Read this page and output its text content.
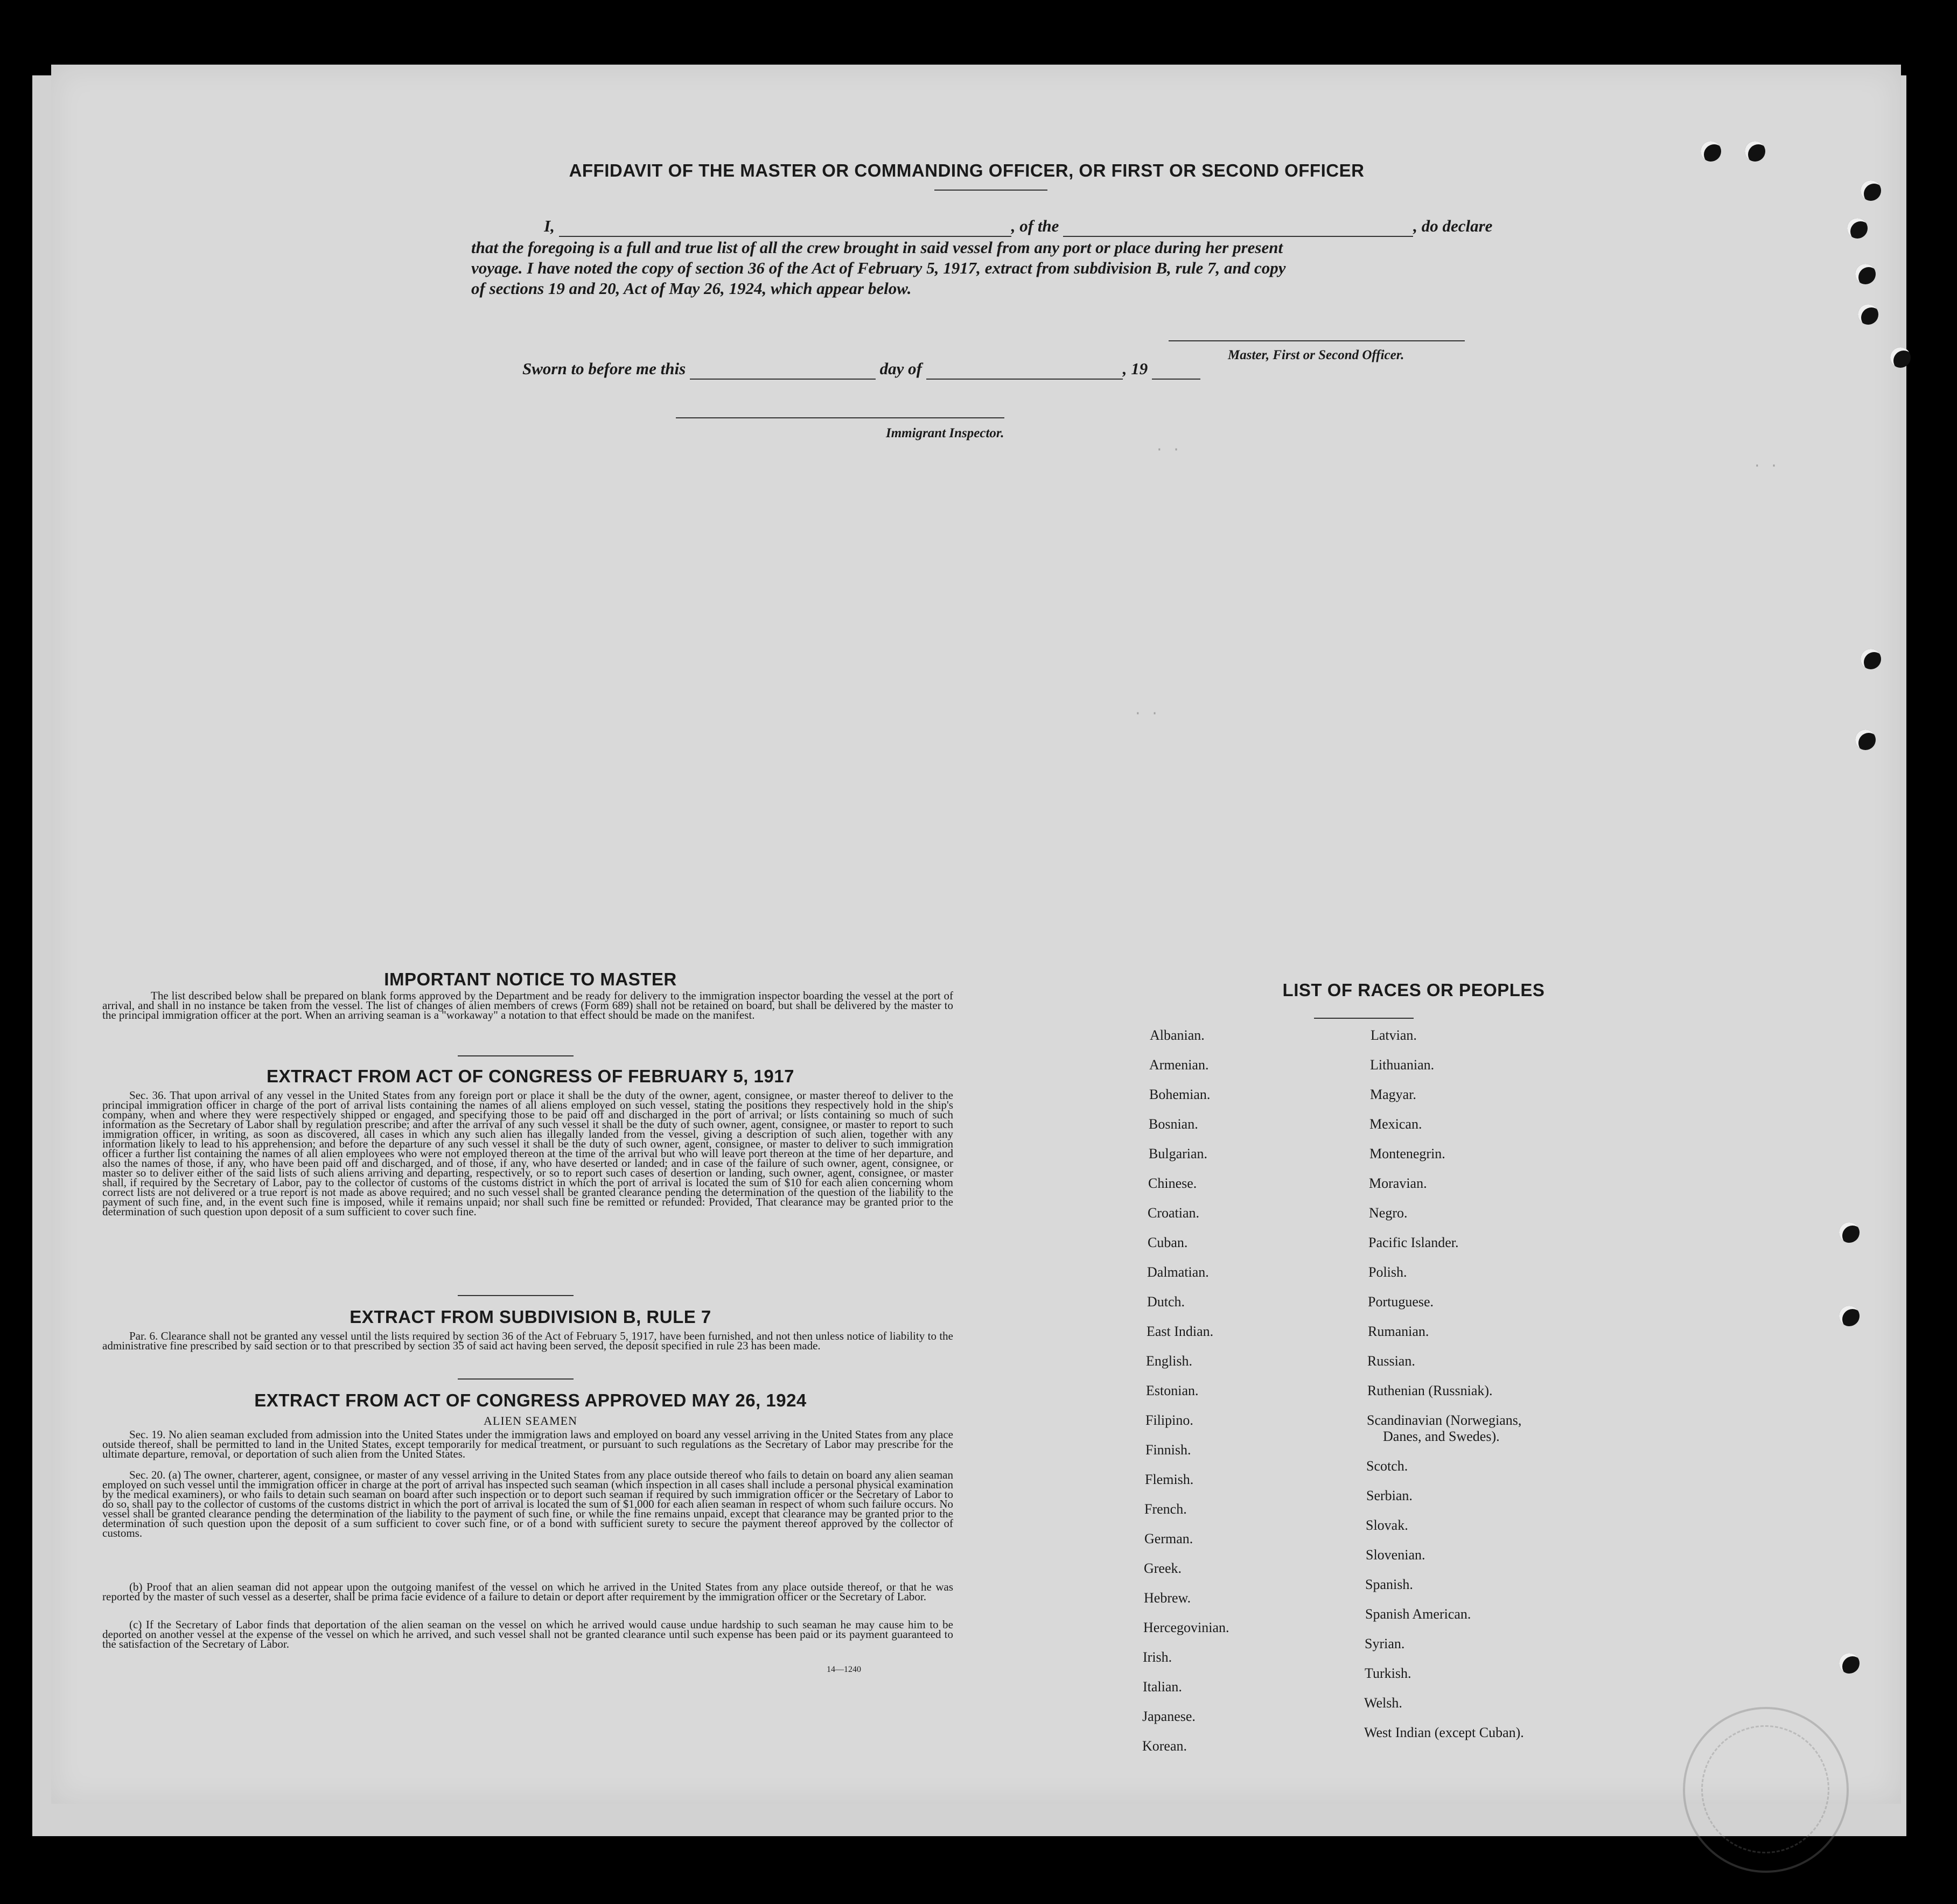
· ·
· ·
· ·
AFFIDAVIT OF THE MASTER OR COMMANDING OFFICER, OR FIRST OR SECOND OFFICER
I,	, of the	, do declare
that the foregoing is a full and true list of all the crew brought in said vessel from any port or place during her present
voyage. I have noted the copy of section 36 of the Act of February 5, 1917, extract from subdivision B, rule 7, and copy
of sections 19 and 20, Act of May 26, 1924, which appear below.
Master, First or Second Officer.
Sworn to before me this	day of	, 19
Immigrant Inspector.
IMPORTANT NOTICE TO MASTER
The list described below shall be prepared on blank forms approved by the Department and be ready for delivery to the immigration inspector boarding the vessel at the port of arrival, and shall in no instance be taken from the vessel. The list of changes of alien members of crews (Form 689) shall not be retained on board, but shall be delivered by the master to the principal immigration officer at the port. When an arriving seaman is a "workaway" a notation to that effect should be made on the manifest.
EXTRACT FROM ACT OF CONGRESS OF FEBRUARY 5, 1917
Sec. 36. That upon arrival of any vessel in the United States from any foreign port or place it shall be the duty of the owner, agent, consignee, or master thereof to deliver to the principal immigration officer in charge of the port of arrival lists containing the names of all aliens employed on such vessel, stating the positions they respectively hold in the ship's company, when and where they were respectively shipped or engaged, and specifying those to be paid off and discharged in the port of arrival; or lists containing so much of such information as the Secretary of Labor shall by regulation prescribe; and after the arrival of any such vessel it shall be the duty of such owner, agent, consignee, or master to report to such immigration officer, in writing, as soon as discovered, all cases in which any such alien has illegally landed from the vessel, giving a description of such alien, together with any information likely to lead to his apprehension; and before the departure of any such vessel it shall be the duty of such owner, agent, consignee, or master to deliver to such immigration officer a further list containing the names of all alien employees who were not employed thereon at the time of the arrival but who will leave port thereon at the time of her departure, and also the names of those, if any, who have been paid off and discharged, and of those, if any, who have deserted or landed; and in case of the failure of such owner, agent, consignee, or master so to deliver either of the said lists of such aliens arriving and departing, respectively, or so to report such cases of desertion or landing, such owner, agent, consignee, or master shall, if required by the Secretary of Labor, pay to the collector of customs of the customs district in which the port of arrival is located the sum of $10 for each alien concerning whom correct lists are not delivered or a true report is not made as above required; and no such vessel shall be granted clearance pending the determination of the question of the liability to the payment of such fine, and, in the event such fine is imposed, while it remains unpaid; nor shall such fine be remitted or refunded: Provided, That clearance may be granted prior to the determination of such question upon deposit of a sum sufficient to cover such fine.
EXTRACT FROM SUBDIVISION B, RULE 7
Par. 6. Clearance shall not be granted any vessel until the lists required by section 36 of the Act of February 5, 1917, have been furnished, and not then unless notice of liability to the administrative fine prescribed by said section or to that prescribed by section 35 of said act having been served, the deposit specified in rule 23 has been made.
EXTRACT FROM ACT OF CONGRESS APPROVED MAY 26, 1924
ALIEN SEAMEN
Sec. 19. No alien seaman excluded from admission into the United States under the immigration laws and employed on board any vessel arriving in the United States from any place outside thereof, shall be permitted to land in the United States, except temporarily for medical treatment, or pursuant to such regulations as the Secretary of Labor may prescribe for the ultimate departure, removal, or deportation of such alien from the United States.
Sec. 20. (a) The owner, charterer, agent, consignee, or master of any vessel arriving in the United States from any place outside thereof who fails to detain on board any alien seaman employed on such vessel until the immigration officer in charge at the port of arrival has inspected such seaman (which inspection in all cases shall include a personal physical examination by the medical examiners), or who fails to detain such seaman on board after such inspection or to deport such seaman if required by such immigration officer or the Secretary of Labor to do so, shall pay to the collector of customs of the customs district in which the port of arrival is located the sum of $1,000 for each alien seaman in respect of whom such failure occurs. No vessel shall be granted clearance pending the determination of the liability to the payment of such fine, or while the fine remains unpaid, except that clearance may be granted prior to the determination of such question upon the deposit of a sum sufficient to cover such fine, or of a bond with sufficient surety to secure the payment thereof approved by the collector of customs.
(b) Proof that an alien seaman did not appear upon the outgoing manifest of the vessel on which he arrived in the United States from any place outside thereof, or that he was reported by the master of such vessel as a deserter, shall be prima facie evidence of a failure to detain or deport after requirement by the immigration officer or the Secretary of Labor.
(c) If the Secretary of Labor finds that deportation of the alien seaman on the vessel on which he arrived would cause undue hardship to such seaman he may cause him to be deported on another vessel at the expense of the vessel on which he arrived, and such vessel shall not be granted clearance until such expense has been paid or its payment guaranteed to the satisfaction of the Secretary of Labor.
14—1240
LIST OF RACES OR PEOPLES
Albanian.
Armenian.
Bohemian.
Bosnian.
Bulgarian.
Chinese.
Croatian.
Cuban.
Dalmatian.
Dutch.
East Indian.
English.
Estonian.
Filipino.
Finnish.
Flemish.
French.
German.
Greek.
Hebrew.
Hercegovinian.
Irish.
Italian.
Japanese.
Korean.
Latvian.
Lithuanian.
Magyar.
Mexican.
Montenegrin.
Moravian.
Negro.
Pacific Islander.
Polish.
Portuguese.
Rumanian.
Russian.
Ruthenian (Russniak).
Scandinavian (Norwegians,
Danes, and Swedes).
Scotch.
Serbian.
Slovak.
Slovenian.
Spanish.
Spanish American.
Syrian.
Turkish.
Welsh.
West Indian (except Cuban).
